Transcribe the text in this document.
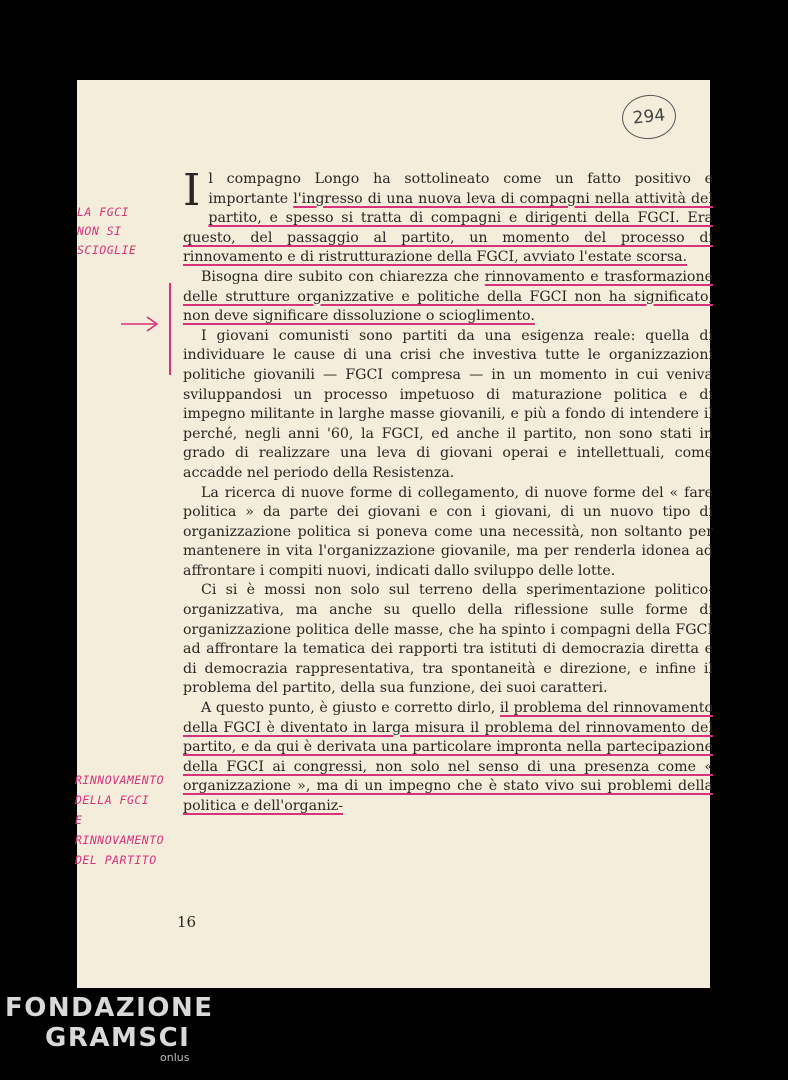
294
LA FGCI
NON SI
SCIOGLIE
RINNOVAMENTO
DELLA FGCI
E
RINNOVAMENTO
DEL PARTITO

Il compagno Longo ha sottolineato come un fatto positivo e importante l'ingresso di una nuova leva di compagni nella attività del partito, e spesso si tratta di compagni e dirigenti della FGCI. Era questo, del passaggio al partito, un momento del processo di rinnovamento e di ristrutturazione della FGCI, avviato l'estate scorsa.

Bisogna dire subito con chiarezza che rinnovamento e trasformazione delle strutture organizzative e politiche della FGCI non ha significato, non deve significare dissoluzione o scioglimento.

I giovani comunisti sono partiti da una esigenza reale: quella di individuare le cause di una crisi che investiva tutte le organizzazioni politiche giovanili — FGCI compresa — in un momento in cui veniva sviluppandosi un processo impetuoso di maturazione politica e di impegno militante in larghe masse giovanili, e più a fondo di intendere il perché, negli anni '60, la FGCI, ed anche il partito, non sono stati in grado di realizzare una leva di giovani operai e intellettuali, come accadde nel periodo della Resistenza.

La ricerca di nuove forme di collegamento, di nuove forme del « fare politica » da parte dei giovani e con i giovani, di un nuovo tipo di organizzazione politica si poneva come una necessità, non soltanto per mantenere in vita l'organizzazione giovanile, ma per renderla idonea ad affrontare i compiti nuovi, indicati dallo sviluppo delle lotte.

Ci si è mossi non solo sul terreno della sperimentazione politico-organizzativa, ma anche su quello della riflessione sulle forme di organizzazione politica delle masse, che ha spinto i compagni della FGCI ad affrontare la tematica dei rapporti tra istituti di democrazia diretta e di democrazia rappresentativa, tra spontaneità e direzione, e infine il problema del partito, della sua funzione, dei suoi caratteri.

A questo punto, è giusto e corretto dirlo, il problema del rinnovamento della FGCI è diventato in larga misura il problema del rinnovamento del partito, e da qui è derivata una particolare impronta nella partecipazione della FGCI ai congressi, non solo nel senso di una presenza come « organizzazione », ma di un impegno che è stato vivo sui problemi della politica e dell'organiz-

16
FONDAZIONE
GRAMSCI
onlus
